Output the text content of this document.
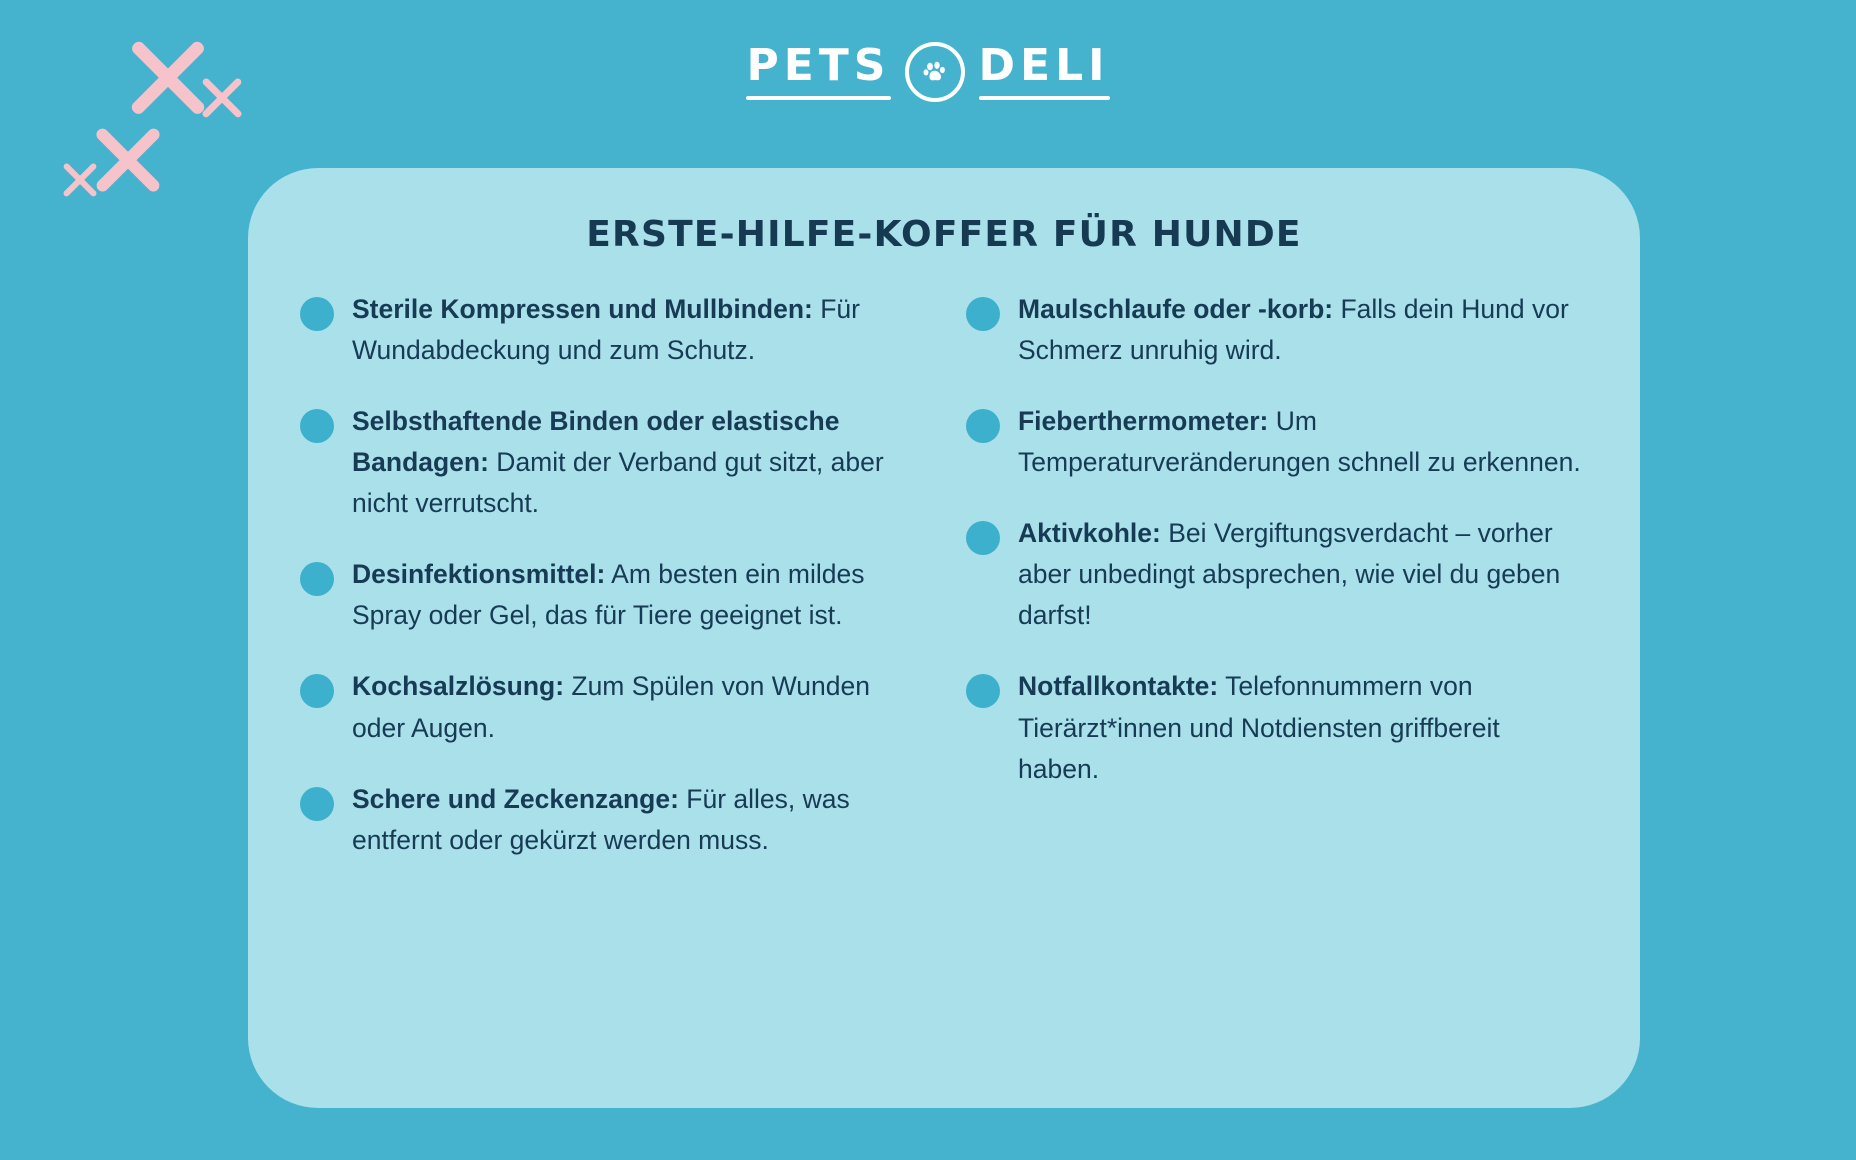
PETS DELI
ERSTE-HILFE-KOFFER FÜR HUNDE
Sterile Kompressen und Mullbinden: Für Wundabdeckung und zum Schutz.
Selbsthaftende Binden oder elastische Bandagen: Damit der Verband gut sitzt, aber nicht verrutscht.
Desinfektionsmittel: Am besten ein mildes Spray oder Gel, das für Tiere geeignet ist.
Kochsalzlösung: Zum Spülen von Wunden oder Augen.
Schere und Zeckenzange: Für alles, was entfernt oder gekürzt werden muss.
Maulschlaufe oder -korb: Falls dein Hund vor Schmerz unruhig wird.
Fieberthermometer: Um Temperaturveränderungen schnell zu erkennen.
Aktivkohle: Bei Vergiftungsverdacht – vorher aber unbedingt absprechen, wie viel du geben darfst!
Notfallkontakte: Telefonnummern von Tierärzt*innen und Notdiensten griffbereit haben.
